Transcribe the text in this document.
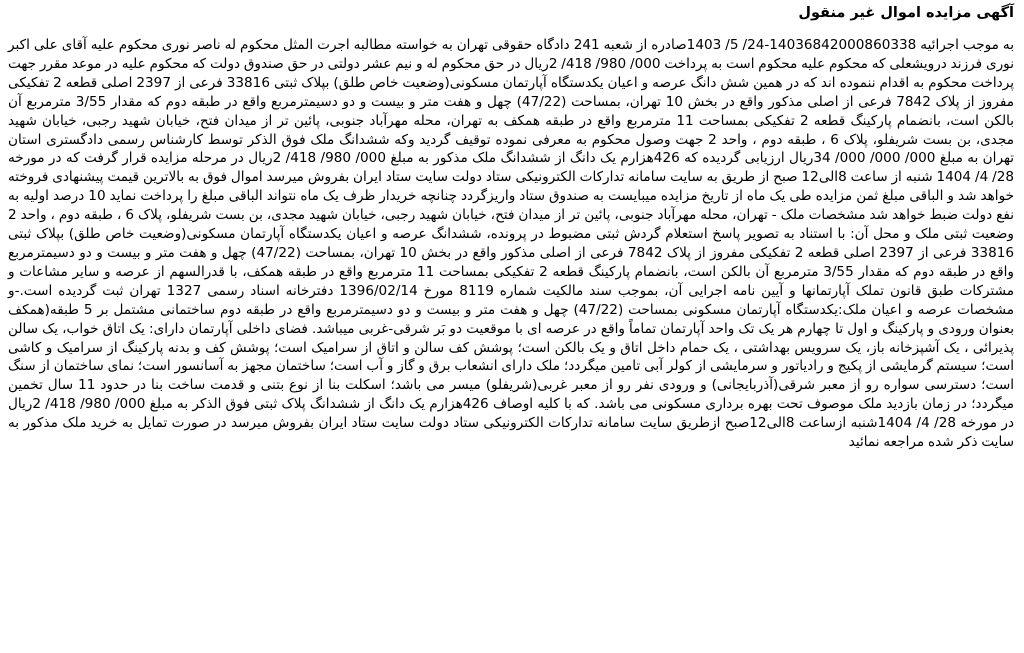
آگهی مزایده اموال غیر منقول

به موجب اجرائیه 14036842000860338-24/ 5/ 1403صادره از شعبه 241 دادگاه حقوقی تهران به خواسته مطالبه اجرت المثل محکوم له ناصر نوری محکوم علیه آقای علی اکبر نوری فرزند درویشعلی که محکوم علیه محکوم است به پرداخت 000/ 980/ 418/ 2ریال در حق محکوم له و نیم عشر دولتی در حق صندوق دولت که محکوم علیه در موعد مقرر جهت پرداخت محکوم به اقدام ننموده اند که در همین شش دانگ عرصه و اعیان یکدستگاه آپارتمان مسکونی(وضعیت خاص طلق) بپلاک ثبتی 33816 فرعی از 2397 اصلی قطعه 2 تفکیکی مفروز از پلاک 7842 فرعی از اصلی مذکور واقع در بخش 10 تهران، بمساحت (47/22) چهل و هفت متر و بیست و دو دسیمترمربع واقع در طبقه دوم که مقدار 3/55 مترمربع آن بالکن است، بانضمام پارکینگ قطعه 2 تفکیکی بمساحت 11 مترمربع واقع در طبقه همکف به تهران، محله مهرآباد جنوبی، پائین تر از میدان فتح، خیابان شهید رجبی، خیابان شهید مجدی، بن بست شریفلو، پلاک 6 ، طبقه دوم ، واحد 2 جهت وصول محکوم به معرفی نموده توقیف گردید وکه ششدانگ ملک فوق الذکر توسط کارشناس رسمی دادگستری استان تهران به مبلغ 000/ 000/ 000/ 34ریال ارزیابی گردیده که 426هزارم یک دانگ از ششدانگ ملک مذکور به مبلغ 000/ 980/ 418/ 2ریال در مرحله مزایده قرار گرفت که در مورخه 28/ 4/ 1404 شنبه از ساعت 8الی12 صبح از طریق به سایت سامانه تدارکات الکترونیکی ستاد دولت سایت ستاد ایران بفروش میرسد اموال فوق به بالاترین قیمت پیشنهادی فروخته خواهد شد و الباقی مبلغ ثمن مزایده طی یک ماه از تاریخ مزایده میبایست به صندوق ستاد واریزگردد چنانچه خریدار ظرف یک ماه نتواند الباقی مبلغ را پرداخت نماید 10 درصد اولیه به نفع دولت ضبط خواهد شد مشخصات ملک - تهران، محله مهرآباد جنوبی، پائین تر از میدان فتح، خیابان شهید رجبی، خیابان شهید مجدی، بن بست شریفلو، پلاک 6 ، طبقه دوم ، واحد 2 وضعیت ثبتی ملک و محل آن: با استناد به تصویر پاسخ استعلام گردش ثبتی مضبوط در پرونده، ششدانگ عرصه و اعیان یکدستگاه آپارتمان مسکونی(وضعیت خاص طلق) بپلاک ثبتی 33816 فرعی از 2397 اصلی قطعه 2 تفکیکی مفروز از پلاک 7842 فرعی از اصلی مذکور واقع در بخش 10 تهران، بمساحت (47/22) چهل و هفت متر و بیست و دو دسیمترمربع واقع در طبقه دوم که مقدار 3/55 مترمربع آن بالکن است، بانضمام پارکینگ قطعه 2 تفکیکی بمساحت 11 مترمربع واقع در طبقه همکف، با قدرالسهم از عرصه و سایر مشاعات و مشترکات طبق قانون تملک آپارتمانها و آیین نامه اجرایی آن، بموجب سند مالکیت شماره 8119 مورخ 1396/02/14 دفترخانه اسناد رسمی 1327 تهران ثبت گردیده است.-و مشخصات عرصه و اعیان ملک:یکدستگاه آپارتمان مسکونی بمساحت (47/22) چهل و هفت متر و بیست و دو دسیمترمربع واقع در طبقه دوم ساختمانی مشتمل بر 5 طبقه(همکف بعنوان ورودی و پارکینگ و اول تا چهارم هر یک تک واحد آپارتمان تماماً واقع در عرصه ای با موقعیت دو بَر شرقی-غربی میباشد. فضای داخلی آپارتمان دارای: یک اتاق خواب، یک سالن پذیرائی ، یک آشپزخانه باز، یک سرویس بهداشتی ، یک حمام داخل اتاق و یک بالکن است؛ پوشش کف سالن و اتاق از سرامیک است؛ پوشش کف و بدنه پارکینگ از سرامیک و کاشی است؛ سیستم گرمایشی از پکیج و رادیاتور و سرمایشی از کولر آبی تامین میگردد؛ ملک دارای انشعاب برق و گاز و آب است؛ ساختمان مجهز به آسانسور است؛ نمای ساختمان از سنگ است؛ دسترسی سواره رو از معبر شرقی(آذربایجانی) و ورودی نفر رو از معبر غربی(شریفلو) میسر می باشد؛ اسکلت بنا از نوع بتنی و قدمت ساخت بنا در حدود 11 سال تخمین میگردد؛ در زمان بازدید ملک موصوف تحت بهره برداری مسکونی می باشد. که با کلیه اوصاف 426هزارم یک دانگ از ششدانگ پلاک ثبتی فوق الذکر به مبلغ 000/ 980/ 418/ 2ریال در مورخه 28/ 4/ 1404شنبه ازساعت 8الی12صبح ازطریق سایت سامانه تدارکات الکترونیکی ستاد دولت سایت ستاد ایران بفروش میرسد در صورت تمایل به خرید ملک مذکور به سایت ذکر شده مراجعه نمائید
